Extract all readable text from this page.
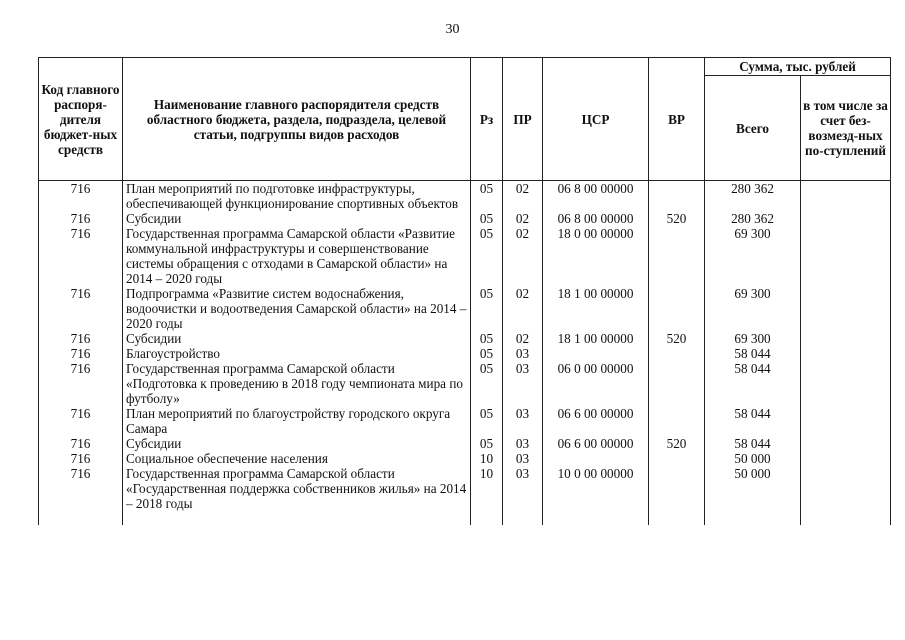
30
Код главного распоря-дителя бюджет-ных средств	Наименование главного распорядителя средств областного бюджета, раздела, подраздела, целевой статьи, подгруппы видов расходов	Рз	ПР	ЦСР	ВР	Сумма, тыс. рублей	
						Всего	в том числе за счет без-возмезд-ных по-ступлений
716	План мероприятий по подготовке инфраструктуры, обеспечивающей функционирование спортивных объектов	05	02	06 8 00 00000		280 362	
716	Субсидии	05	02	06 8 00 00000	520	280 362	
716	Государственная программа Самарской области «Развитие коммунальной инфраструктуры и совершенствование системы обращения с отходами в Самарской области» на 2014 – 2020 годы	05	02	18 0 00 00000		69 300	
716	Подпрограмма «Развитие систем водоснабжения, водоочистки и водоотведения Самарской области» на 2014 – 2020 годы	05	02	18 1 00 00000		69 300	
716	Субсидии	05	02	18 1 00 00000	520	69 300	
716	Благоустройство	05	03			58 044	
716	Государственная программа Самарской области «Подготовка к проведению в 2018 году чемпионата мира по футболу»	05	03	06 0 00 00000		58 044	
716	План мероприятий по благоустройству городского округа Самара	05	03	06 6 00 00000		58 044	
716	Субсидии	05	03	06 6 00 00000	520	58 044	
716	Социальное обеспечение населения	10	03			50 000	
716	Государственная программа Самарской области «Государственная поддержка собственников жилья» на 2014 – 2018 годы	10	03	10 0 00 00000		50 000	
